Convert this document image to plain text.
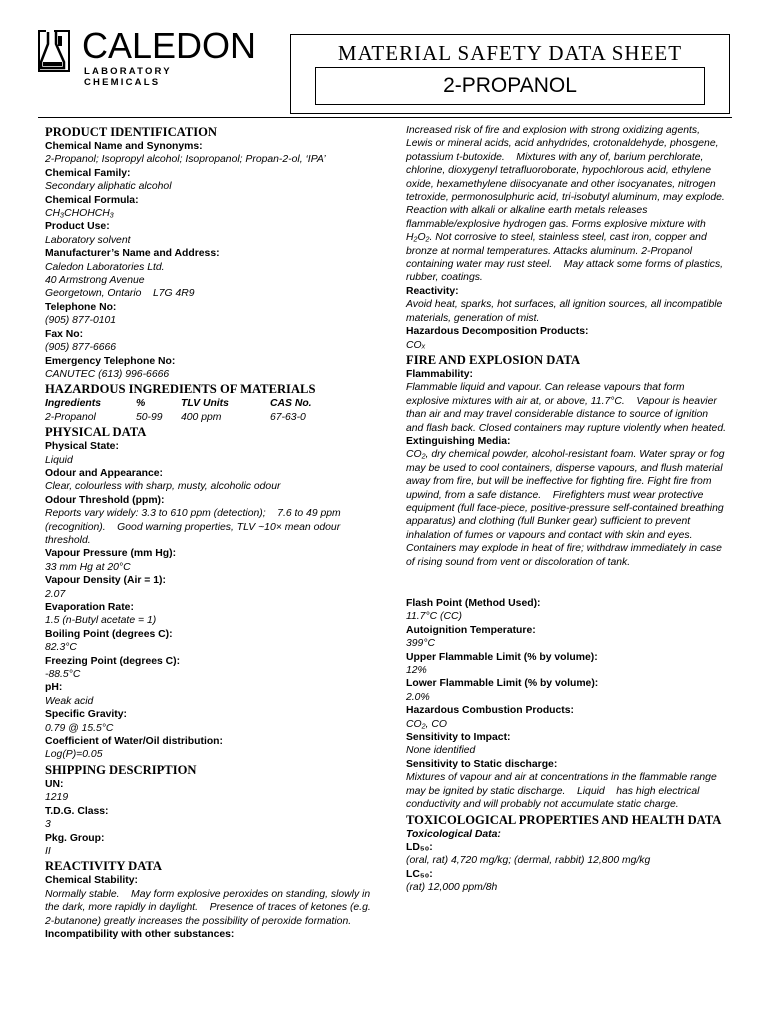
CALEDON
LABORATORY CHEMICALS
MATERIAL SAFETY DATA SHEET
2-PROPANOL
PRODUCT IDENTIFICATION
Chemical Name and Synonyms:
2-Propanol; Isopropyl alcohol; Isopropanol; Propan-2-ol, ‘IPA’
Chemical Family:
Secondary aliphatic alcohol
Chemical Formula:
CH₃CHOHCH₃
Product Use:
Laboratory solvent
Manufacturer’s Name and Address:
Caledon Laboratories Ltd.
40 Armstrong Avenue
Georgetown, Ontario    L7G 4R9
Telephone No:
(905) 877-0101
Fax No:
(905) 877-6666
Emergency Telephone No:
CANUTEC (613) 996-6666
HAZARDOUS INGREDIENTS OF MATERIALS
Ingredients	%	TLV Units	CAS No.
2-Propanol	50-99	400 ppm	67-63-0
PHYSICAL DATA
Physical State:
Liquid
Odour and Appearance:
Clear, colourless with sharp, musty, alcoholic odour
Odour Threshold (ppm):
Reports vary widely: 3.3 to 610 ppm (detection);    7.6 to 49 ppm (recognition).    Good warning properties, TLV ~10× mean odour threshold.
Vapour Pressure (mm Hg):
33 mm Hg at 20°C
Vapour Density (Air = 1):
2.07
Evaporation Rate:
1.5 (n-Butyl acetate = 1)
Boiling Point (degrees C):
82.3°C
Freezing Point (degrees C):
-88.5°C
pH:
Weak acid
Specific Gravity:
0.79 @ 15.5°C
Coefficient of Water/Oil distribution:
Log(P)=0.05
SHIPPING DESCRIPTION
UN:
1219
T.D.G. Class:
3
Pkg. Group:
II
REACTIVITY DATA
Chemical Stability:
Normally stable.    May form explosive peroxides on standing, slowly in the dark, more rapidly in daylight.    Presence of traces of ketones (e.g. 2-butanone) greatly increases the possibility of peroxide formation.
Incompatibility with other substances:
Increased risk of fire and explosion with strong oxidizing agents, Lewis or mineral acids, acid anhydrides, crotonaldehyde, phosgene, potassium t-butoxide.    Mixtures with any of, barium perchlorate, chlorine, dioxygenyl tetrafluoroborate, hypochlorous acid, ethylene oxide, hexamethylene diisocyanate and other isocyanates, nitrogen tetroxide, permonosulphuric acid, tri-isobutyl aluminum, may explode. Reaction with alkali or alkaline earth metals releases flammable/explosive hydrogen gas. Forms explosive mixture with H₂O₂. Not corrosive to steel, stainless steel, cast iron, copper and bronze at normal temperatures. Attacks aluminum. 2-Propanol containing water may rust steel.    May attack some forms of plastics, rubber, coatings.
Reactivity:
Avoid heat, sparks, hot surfaces, all ignition sources, all incompatible materials, generation of mist.
Hazardous Decomposition Products:
COₓ
FIRE AND EXPLOSION DATA
Flammability:
Flammable liquid and vapour. Can release vapours that form explosive mixtures with air at, or above, 11.7°C.    Vapour is heavier than air and may travel considerable distance to source of ignition and flash back. Closed containers may rupture violently when heated.
Extinguishing Media:
CO₂, dry chemical powder, alcohol-resistant foam. Water spray or fog may be used to cool containers, disperse vapours, and flush material away from fire, but will be ineffective for fighting fire. Fight fire from upwind, from a safe distance.    Firefighters must wear protective equipment (full face-piece, positive-pressure self-contained breathing apparatus) and clothing (full Bunker gear) sufficient to prevent inhalation of fumes or vapours and contact with skin and eyes. Containers may explode in heat of fire; withdraw immediately in case of rising sound from vent or discoloration of tank.
Flash Point (Method Used):
11.7°C (CC)
Autoignition Temperature:
399°C
Upper Flammable Limit (% by volume):
12%
Lower Flammable Limit (% by volume):
2.0%
Hazardous Combustion Products:
CO₂, CO
Sensitivity to Impact:
None identified
Sensitivity to Static discharge:
Mixtures of vapour and air at concentrations in the flammable range may be ignited by static discharge.    Liquid    has high electrical conductivity and will probably not accumulate static charge.
TOXICOLOGICAL PROPERTIES AND HEALTH DATA
Toxicological Data:
LD₅₀:
(oral, rat) 4,720 mg/kg; (dermal, rabbit) 12,800 mg/kg
LC₅₀:
(rat) 12,000 ppm/8h
